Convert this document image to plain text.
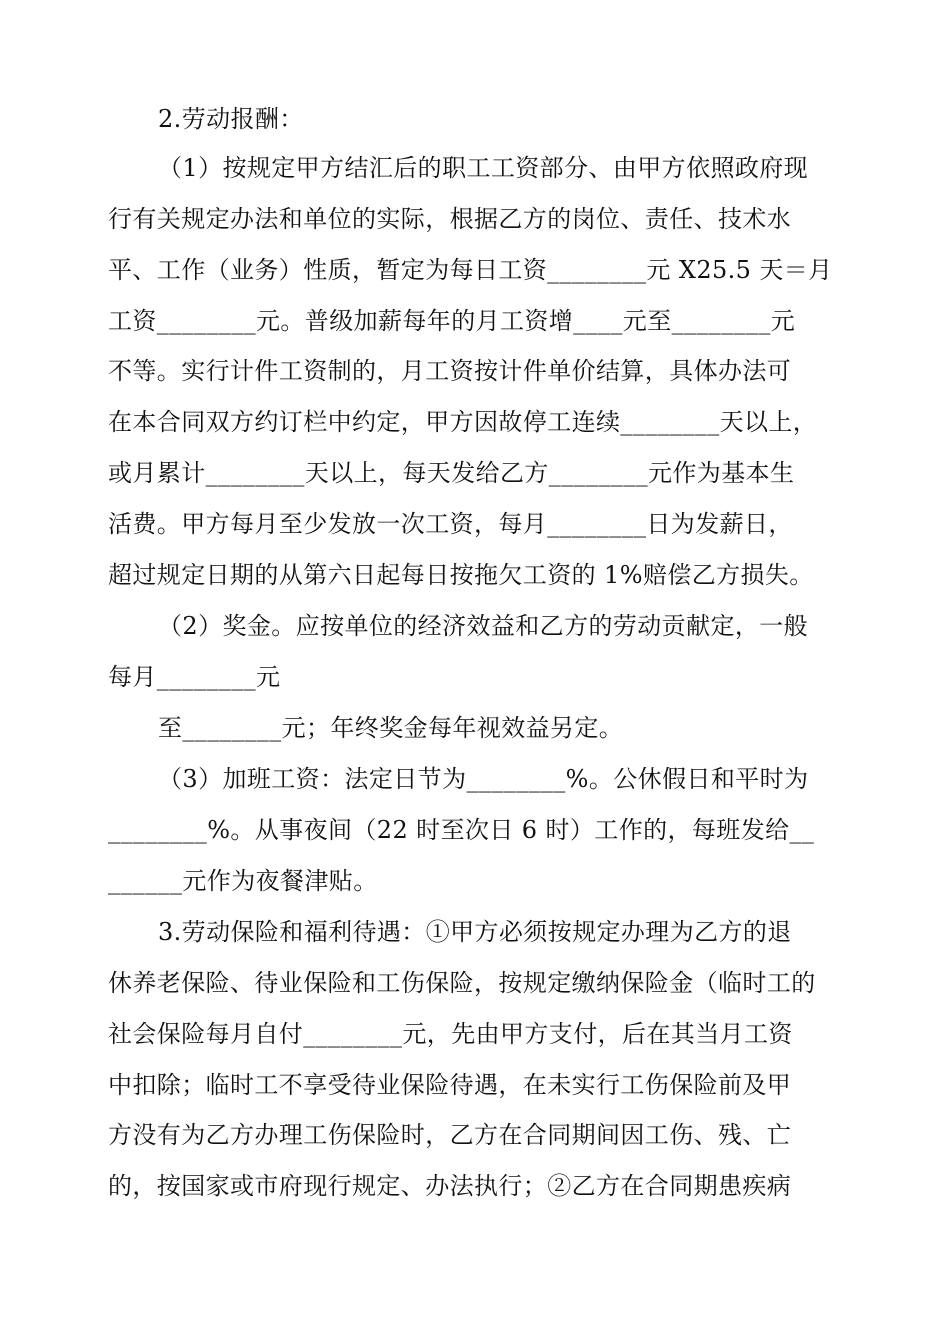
2.劳动报酬：
（1）按规定甲方结汇后的职工工资部分、由甲方依照政府现
行有关规定办法和单位的实际，根据乙方的岗位、责任、技术水
平、工作（业务）性质，暂定为每日工资________元 X25.5 天＝月
工资________元。普级加薪每年的月工资增____元至________元
不等。实行计件工资制的，月工资按计件单价结算，具体办法可
在本合同双方约订栏中约定，甲方因故停工连续________天以上，
或月累计________天以上，每天发给乙方________元作为基本生
活费。甲方每月至少发放一次工资，每月________日为发薪日，
超过规定日期的从第六日起每日按拖欠工资的 1%赔偿乙方损失。
（2）奖金。应按单位的经济效益和乙方的劳动贡献定，一般
每月________元
至________元；年终奖金每年视效益另定。
（3）加班工资：法定日节为________%。公休假日和平时为
________%。从事夜间（22 时至次日 6 时）工作的，每班发给__
______元作为夜餐津贴。
3.劳动保险和福利待遇：①甲方必须按规定办理为乙方的退
休养老保险、待业保险和工伤保险，按规定缴纳保险金（临时工的
社会保险每月自付________元，先由甲方支付，后在其当月工资
中扣除；临时工不享受待业保险待遇，在未实行工伤保险前及甲
方没有为乙方办理工伤保险时，乙方在合同期间因工伤、残、亡
的，按国家或市府现行规定、办法执行；②乙方在合同期患疾病
